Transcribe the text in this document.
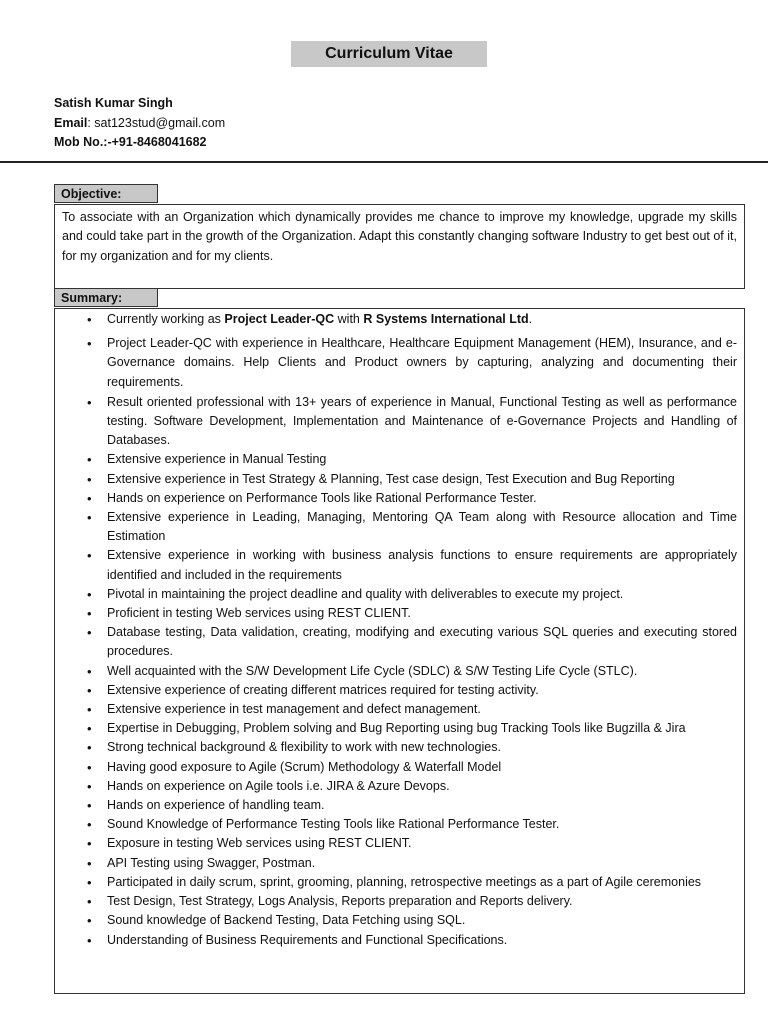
Curriculum Vitae
Satish Kumar Singh
Email: sat123stud@gmail.com
Mob No.:-+91-8468041682
Objective:
To associate with an Organization which dynamically provides me chance to improve my knowledge, upgrade my skills and could take part in the growth of the Organization. Adapt this constantly changing software Industry to get best out of it, for my organization and for my clients.
Summary:
• Currently working as Project Leader-QC with R Systems International Ltd.
• Project Leader-QC with experience in Healthcare, Healthcare Equipment Management (HEM), Insurance, and e-Governance domains. Help Clients and Product owners by capturing, analyzing and documenting their requirements.
• Result oriented professional with 13+ years of experience in Manual, Functional Testing as well as performance testing. Software Development, Implementation and Maintenance of e-Governance Projects and Handling of Databases.
• Extensive experience in Manual Testing
• Extensive experience in Test Strategy & Planning, Test case design, Test Execution and Bug Reporting
• Hands on experience on Performance Tools like Rational Performance Tester.
• Extensive experience in Leading, Managing, Mentoring QA Team along with Resource allocation and Time Estimation
• Extensive experience in working with business analysis functions to ensure requirements are appropriately identified and included in the requirements
• Pivotal in maintaining the project deadline and quality with deliverables to execute my project.
• Proficient in testing Web services using REST CLIENT.
• Database testing, Data validation, creating, modifying and executing various SQL queries and executing stored procedures.
• Well acquainted with the S/W Development Life Cycle (SDLC) & S/W Testing Life Cycle (STLC).
• Extensive experience of creating different matrices required for testing activity.
• Extensive experience in test management and defect management.
• Expertise in Debugging, Problem solving and Bug Reporting using bug Tracking Tools like Bugzilla & Jira
• Strong technical background & flexibility to work with new technologies.
• Having good exposure to Agile (Scrum) Methodology & Waterfall Model
• Hands on experience on Agile tools i.e. JIRA & Azure Devops.
• Hands on experience of handling team.
• Sound Knowledge of Performance Testing Tools like Rational Performance Tester.
• Exposure in testing Web services using REST CLIENT.
• API Testing using Swagger, Postman.
• Participated in daily scrum, sprint, grooming, planning, retrospective meetings as a part of Agile ceremonies
• Test Design, Test Strategy, Logs Analysis, Reports preparation and Reports delivery.
• Sound knowledge of Backend Testing, Data Fetching using SQL.
• Understanding of Business Requirements and Functional Specifications.
